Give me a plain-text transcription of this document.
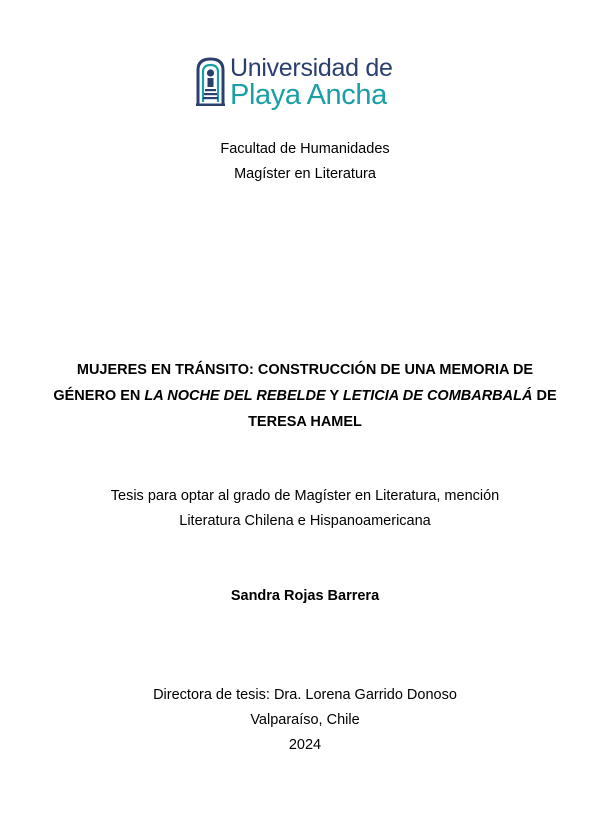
Universidad de
Playa Ancha
Facultad de Humanidades
Magíster en Literatura
MUJERES EN TRÁNSITO: CONSTRUCCIÓN DE UNA MEMORIA DE
GÉNERO EN LA NOCHE DEL REBELDE Y LETICIA DE COMBARBALÁ DE
TERESA HAMEL
Tesis para optar al grado de Magíster en Literatura, mención
Literatura Chilena e Hispanoamericana
Sandra Rojas Barrera
Directora de tesis: Dra. Lorena Garrido Donoso
Valparaíso, Chile
2024
